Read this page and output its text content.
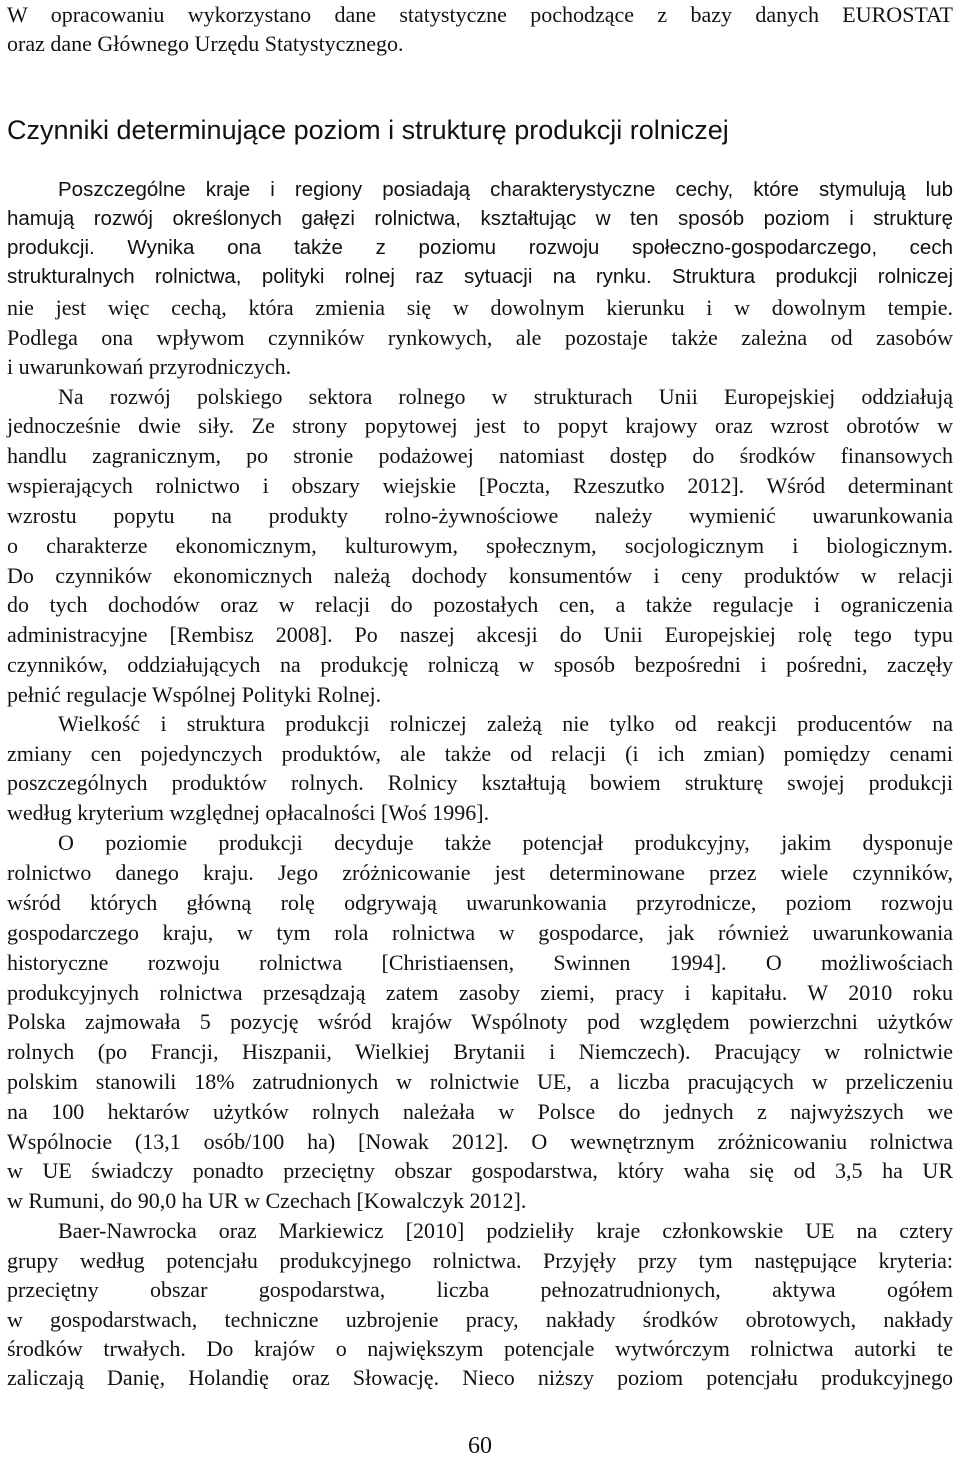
W opracowaniu wykorzystano dane statystyczne pochodzące z bazy danych EUROSTAT
oraz dane Głównego Urzędu Statystycznego.
Czynniki determinujące poziom i strukturę produkcji rolniczej
Poszczególne kraje i regiony posiadają charakterystyczne cechy, które stymulują lub
hamują rozwój określonych gałęzi rolnictwa, kształtując w ten sposób poziom i strukturę
produkcji. Wynika ona także z poziomu rozwoju społeczno-gospodarczego, cech
strukturalnych rolnictwa, polityki rolnej raz sytuacji na rynku. Struktura produkcji rolniczej
nie jest więc cechą, która zmienia się w dowolnym kierunku i w dowolnym tempie.
Podlega ona wpływom czynników rynkowych, ale pozostaje także zależna od zasobów
i uwarunkowań przyrodniczych.
Na rozwój polskiego sektora rolnego w strukturach Unii Europejskiej oddziałują
jednocześnie dwie siły. Ze strony popytowej jest to popyt krajowy oraz wzrost obrotów w
handlu zagranicznym, po stronie podażowej natomiast dostęp do środków finansowych
wspierających rolnictwo i obszary wiejskie [Poczta, Rzeszutko 2012]. Wśród determinant
wzrostu popytu na produkty rolno-żywnościowe należy wymienić uwarunkowania
o charakterze ekonomicznym, kulturowym, społecznym, socjologicznym i biologicznym.
Do czynników ekonomicznych należą dochody konsumentów i ceny produktów w relacji
do tych dochodów oraz w relacji do pozostałych cen, a także regulacje i ograniczenia
administracyjne [Rembisz 2008]. Po naszej akcesji do Unii Europejskiej rolę tego typu
czynników, oddziałujących na produkcję rolniczą w sposób bezpośredni i pośredni, zaczęły
pełnić regulacje Wspólnej Polityki Rolnej.
Wielkość i struktura produkcji rolniczej zależą nie tylko od reakcji producentów na
zmiany cen pojedynczych produktów, ale także od relacji (i ich zmian) pomiędzy cenami
poszczególnych produktów rolnych. Rolnicy kształtują bowiem strukturę swojej produkcji
według kryterium względnej opłacalności [Woś 1996].
O poziomie produkcji decyduje także potencjał produkcyjny, jakim dysponuje
rolnictwo danego kraju. Jego zróżnicowanie jest determinowane przez wiele czynników,
wśród których główną rolę odgrywają uwarunkowania przyrodnicze, poziom rozwoju
gospodarczego kraju, w tym rola rolnictwa w gospodarce, jak również uwarunkowania
historyczne rozwoju rolnictwa [Christiaensen, Swinnen 1994]. O możliwościach
produkcyjnych rolnictwa przesądzają zatem zasoby ziemi, pracy i kapitału. W 2010 roku
Polska zajmowała 5 pozycję wśród krajów Wspólnoty pod względem powierzchni użytków
rolnych (po Francji, Hiszpanii, Wielkiej Brytanii i Niemczech). Pracujący w rolnictwie
polskim stanowili 18% zatrudnionych w rolnictwie UE, a liczba pracujących w przeliczeniu
na 100 hektarów użytków rolnych należała w Polsce do jednych z najwyższych we
Wspólnocie (13,1 osób/100 ha) [Nowak 2012]. O wewnętrznym zróżnicowaniu rolnictwa
w UE świadczy ponadto przeciętny obszar gospodarstwa, który waha się od 3,5 ha UR
w Rumuni, do 90,0 ha UR w Czechach [Kowalczyk 2012].
Baer-Nawrocka oraz Markiewicz [2010] podzieliły kraje członkowskie UE na cztery
grupy według potencjału produkcyjnego rolnictwa. Przyjęły przy tym następujące kryteria:
przeciętny obszar gospodarstwa, liczba pełnozatrudnionych, aktywa ogółem
w gospodarstwach, techniczne uzbrojenie pracy, nakłady środków obrotowych, nakłady
środków trwałych. Do krajów o największym potencjale wytwórczym rolnictwa autorki te
zaliczają Danię, Holandię oraz Słowację. Nieco niższy poziom potencjału produkcyjnego
60
